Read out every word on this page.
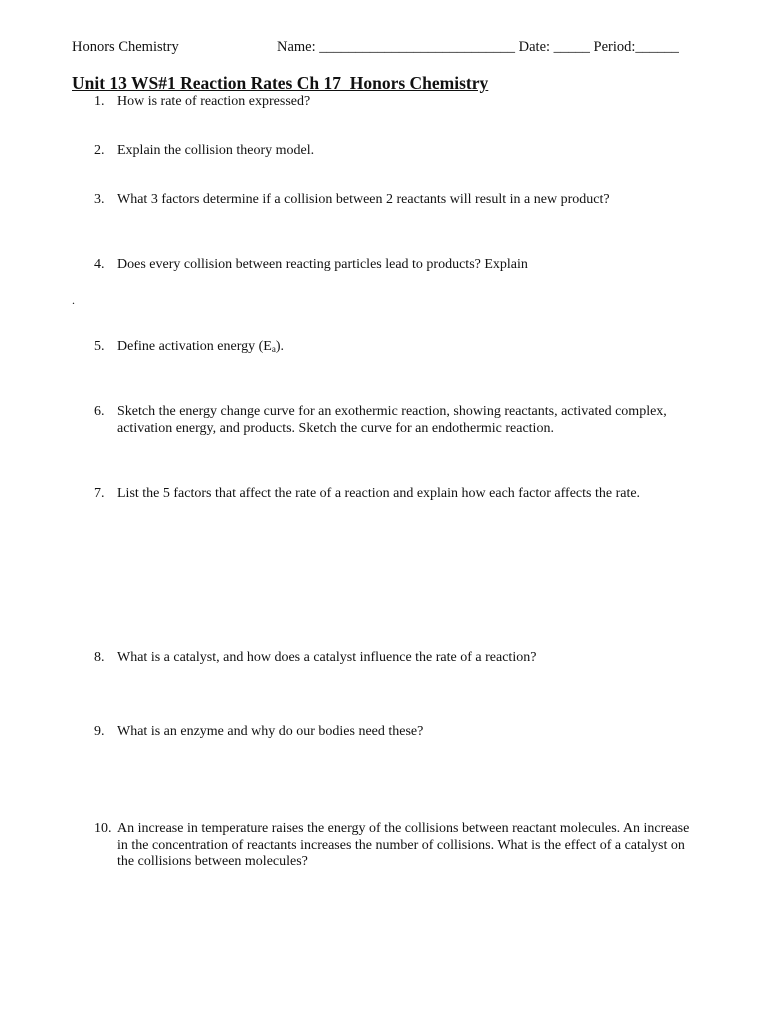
Honors Chemistry	Name: ___________________________ Date: _____ Period:______
Unit 13 WS#1 Reaction Rates Ch 17  Honors Chemistry
.
1. How is rate of reaction expressed?
2. Explain the collision theory model.
3. What 3 factors determine if a collision between 2 reactants will result in a new product?
4. Does every collision between reacting particles lead to products? Explain
5. Define activation energy $(E_a)$.
6. Sketch the energy change curve for an exothermic reaction, showing reactants, activated complex, activation energy, and products. Sketch the curve for an endothermic reaction.
7. List the 5 factors that affect the rate of a reaction and explain how each factor affects the rate.
8. What is a catalyst, and how does a catalyst influence the rate of a reaction?
9. What is an enzyme and why do our bodies need these?
10. An increase in temperature raises the energy of the collisions between reactant molecules. An increase in the concentration of reactants increases the number of collisions. What is the effect of a catalyst on the collisions between molecules?
